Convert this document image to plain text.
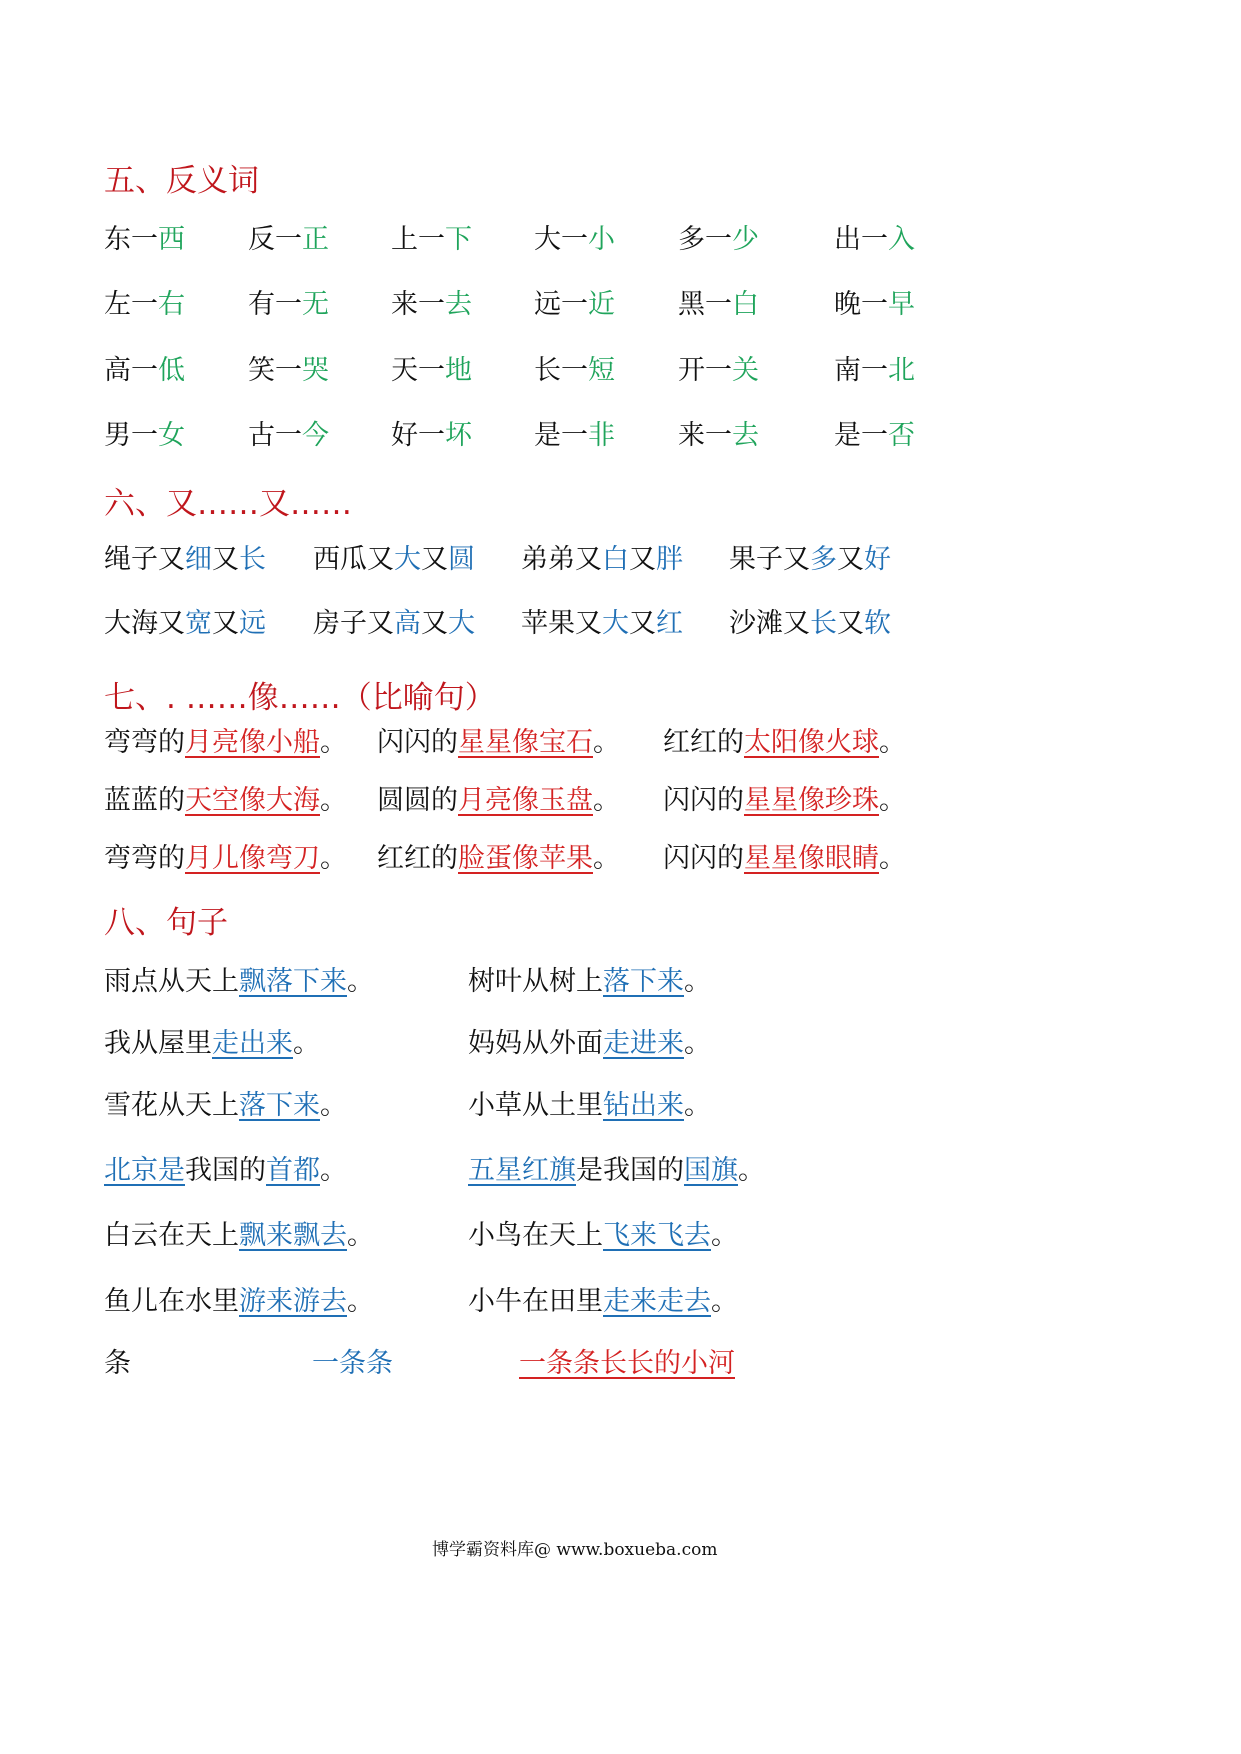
五、反义词
东一西 反一正 上一下 大一小 多一少	出一入
左一右 有一无 来一去 远一近 黑一白	晚一早
高一低 笑一哭 天一地 长一短 开一关	南一北
男一女 古一今 好一坏 是一非 来一去	是一否
六、又……又……
绳子又细又长 西瓜又大又圆 弟弟又白又胖 果子又多又好
大海又宽又远 房子又高又大 苹果又大又红 沙滩又长又软
七、. ……像……（比喻句）
弯弯的月亮像小船。 闪闪的星星像宝石。 红红的太阳像火球。
蓝蓝的天空像大海。 圆圆的月亮像玉盘。 闪闪的星星像珍珠。
弯弯的月儿像弯刀。 红红的脸蛋像苹果。 闪闪的星星像眼睛。
八、句子
雨点从天上飘落下来。	树叶从树上落下来。
我从屋里走出来。	妈妈从外面走进来。
雪花从天上落下来。	小草从土里钻出来。
北京是我国的首都。	五星红旗是我国的国旗。
白云在天上飘来飘去。	小鸟在天上飞来飞去。
鱼儿在水里游来游去。	小牛在田里走来走去。
条	一条条	一条条长长的小河
博学霸资料库@ www.boxueba.com
